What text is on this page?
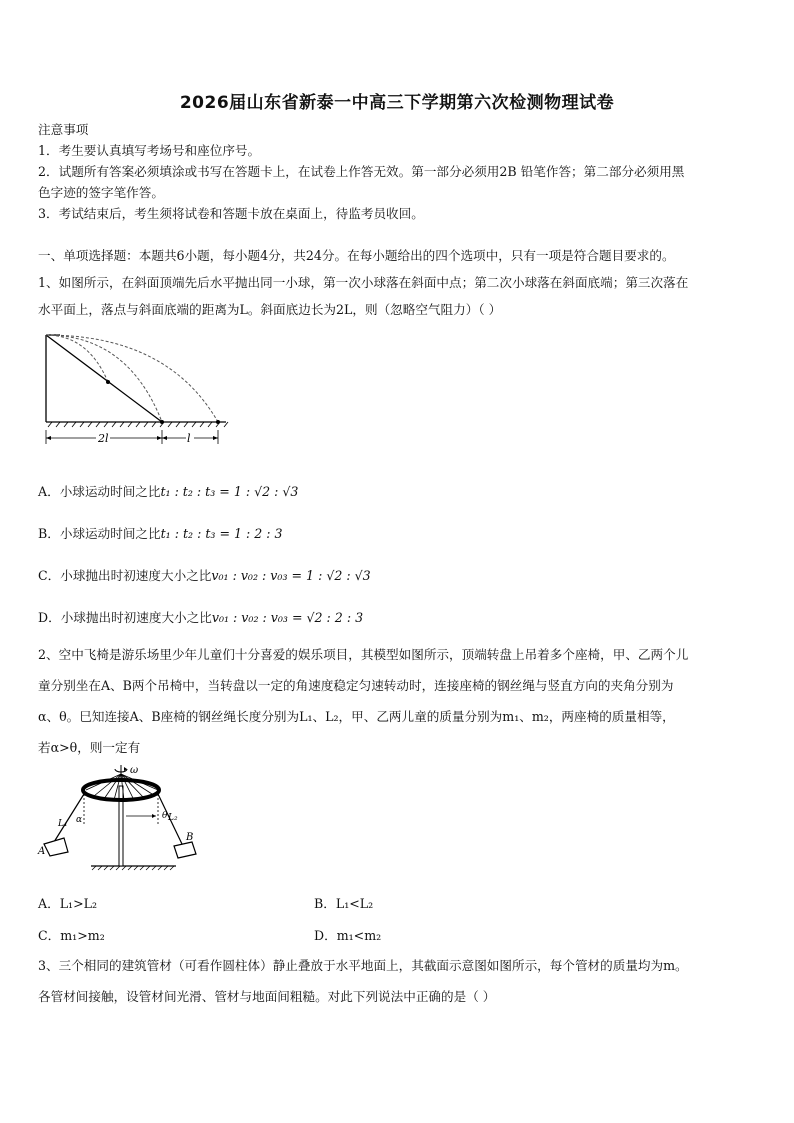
2026届山东省新泰一中高三下学期第六次检测物理试卷
注意事项
1．考生要认真填写考场号和座位序号。
2．试题所有答案必须填涂或书写在答题卡上，在试卷上作答无效。第一部分必须用2B 铅笔作答；第二部分必须用黑
色字迹的签字笔作答。
3．考试结束后，考生须将试卷和答题卡放在桌面上，待监考员收回。
一、单项选择题：本题共6小题，每小题4分，共24分。在每小题给出的四个选项中，只有一项是符合题目要求的。
1、如图所示，在斜面顶端先后水平抛出同一小球，第一次小球落在斜面中点；第二次小球落在斜面底端；第三次落在
水平面上，落点与斜面底端的距离为L。斜面底边长为2L，则（忽略空气阻力）（ ）
2l	l
A．小球运动时间之比t₁ : t₂ : t₃ = 1 : √2 : √3
B．小球运动时间之比t₁ : t₂ : t₃ = 1 : 2 : 3
C．小球抛出时初速度大小之比v₀₁ : v₀₂ : v₀₃ = 1 : √2 : √3
D．小球抛出时初速度大小之比v₀₁ : v₀₂ : v₀₃ = √2 : 2 : 3
2、空中飞椅是游乐场里少年儿童们十分喜爱的娱乐项目，其模型如图所示，顶端转盘上吊着多个座椅，甲、乙两个儿
童分别坐在A、B两个吊椅中，当转盘以一定的角速度稳定匀速转动时，连接座椅的钢丝绳与竖直方向的夹角分别为
α、θ。巳知连接A、B座椅的钢丝绳长度分别为L₁、L₂，甲、乙两儿童的质量分别为m₁、m₂，两座椅的质量相等，
若α>θ，则一定有
ω
L₁ α
A
θ L₂
B
A．L₁>L₂	B．L₁<L₂
C．m₁>m₂	D．m₁<m₂
3、三个相同的建筑管材（可看作圆柱体）静止叠放于水平地面上，其截面示意图如图所示，每个管材的质量均为m。
各管材间接触，设管材间光滑、管材与地面间粗糙。对此下列说法中正确的是（ ）
